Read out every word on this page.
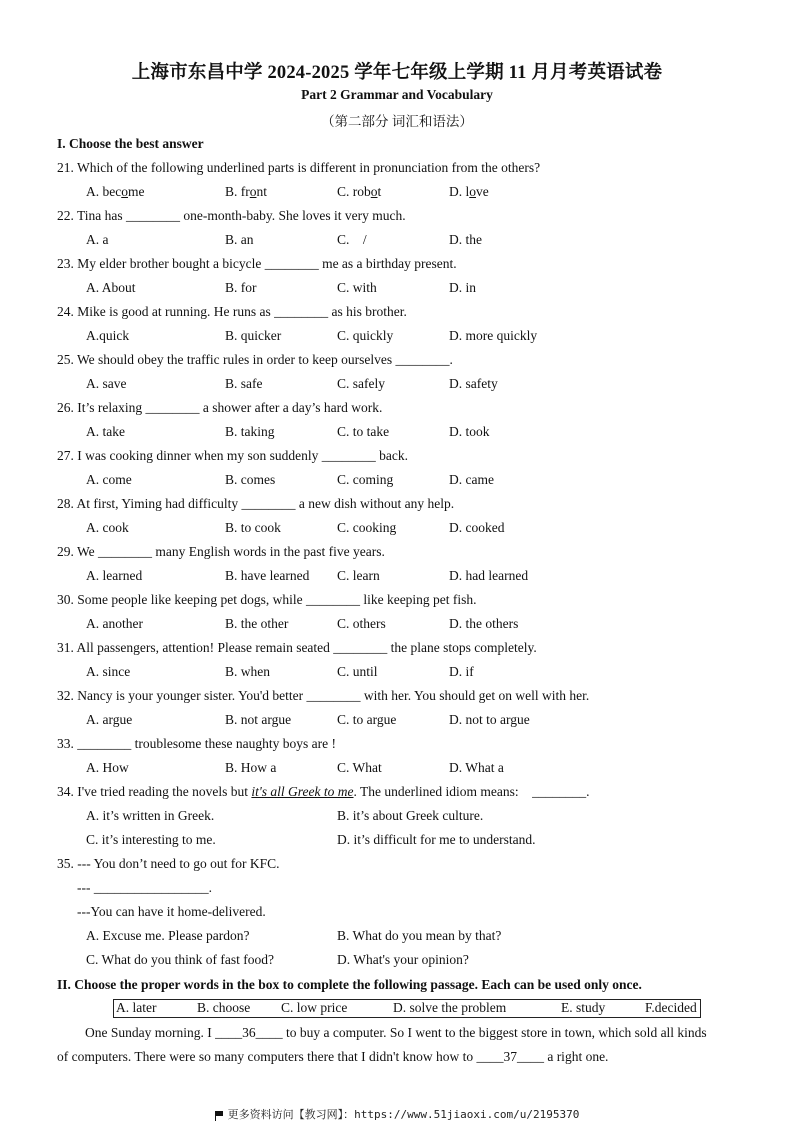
上海市东昌中学 2024-2025 学年七年级上学期 11 月月考英语试卷
Part 2 Grammar and Vocabulary
（第二部分 词汇和语法）
I. Choose the best answer
21. Which of the following underlined parts is different in pronunciation from the others?
A. become	B. front	C. robot	D. love
22. Tina has ________ one-month-baby. She loves it very much.
A. a	B. an	C.    /	D. the
23. My elder brother bought a bicycle ________ me as a birthday present.
A. About	B. for	C. with	D. in
24. Mike is good at running. He runs as ________ as his brother.
A.quick	B. quicker	C. quickly	D. more quickly
25. We should obey the traffic rules in order to keep ourselves ________.
A. save	B. safe	C. safely	D. safety
26. It’s relaxing ________ a shower after a day’s hard work.
A. take	B. taking	C. to take	D. took
27. I was cooking dinner when my son suddenly ________ back.
A. come	B. comes	C. coming	D. came
28. At first, Yiming had difficulty ________ a new dish without any help.
A. cook	B. to cook	C. cooking	D. cooked
29. We ________ many English words in the past five years.
A. learned	B. have learned C. learn	D. had learned
30. Some people like keeping pet dogs, while ________ like keeping pet fish.
A. another	B. the other	C. others	D. the others
31. All passengers, attention! Please remain seated ________ the plane stops completely.
A. since	B. when	C. until	D. if
32. Nancy is your younger sister. You'd better ________ with her. You should get on well with her.
A. argue	B. not argue	C. to argue	D. not to argue
33. ________ troublesome these naughty boys are !
A. How	B. How a	C. What	D. What a
34. I've tried reading the novels but it's all Greek to me. The underlined idiom means:    ________.
A. it’s written in Greek.	B. it’s about Greek culture.
C. it’s interesting to me.	D. it’s difficult for me to understand.
35. --- You don’t need to go out for KFC.
--- _________________.
---You can have it home-delivered.
A. Excuse me. Please pardon?	B. What do you mean by that?
C. What do you think of fast food?	D. What's your opinion?
II. Choose the proper words in the box to complete the following passage. Each can be used only once.
A. later	B. choose C. low price	D. solve the problem	E. study	F.decided
One Sunday morning. I ____36____ to buy a computer. So I went to the biggest store in town, which sold all kinds
of computers. There were so many computers there that I didn't know how to ____37____ a right one.
更多资料访问【教习网】：https://www.51jiaoxi.com/u/2195370
